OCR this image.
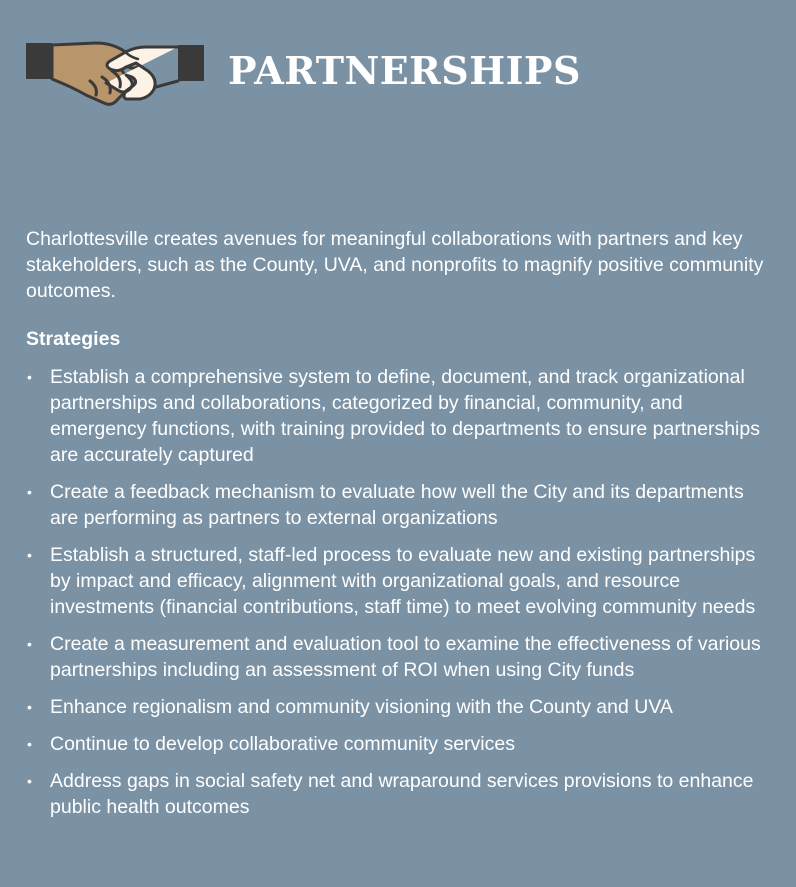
PARTNERSHIPS

Charlottesville creates avenues for meaningful collaborations with partners and key stakeholders, such as the County, UVA, and nonprofits to magnify positive community outcomes.

Strategies
• Establish a comprehensive system to define, document, and track organizational partnerships and collaborations, categorized by financial, community, and emergency functions, with training provided to departments to ensure partnerships are accurately captured
• Create a feedback mechanism to evaluate how well the City and its departments are performing as partners to external organizations
• Establish a structured, staff-led process to evaluate new and existing partnerships by impact and efficacy, alignment with organizational goals, and resource investments (financial contributions, staff time) to meet evolving community needs
• Create a measurement and evaluation tool to examine the effectiveness of various partnerships including an assessment of ROI when using City funds
• Enhance regionalism and community visioning with the County and UVA
• Continue to develop collaborative community services
• Address gaps in social safety net and wraparound services provisions to enhance public health outcomes
